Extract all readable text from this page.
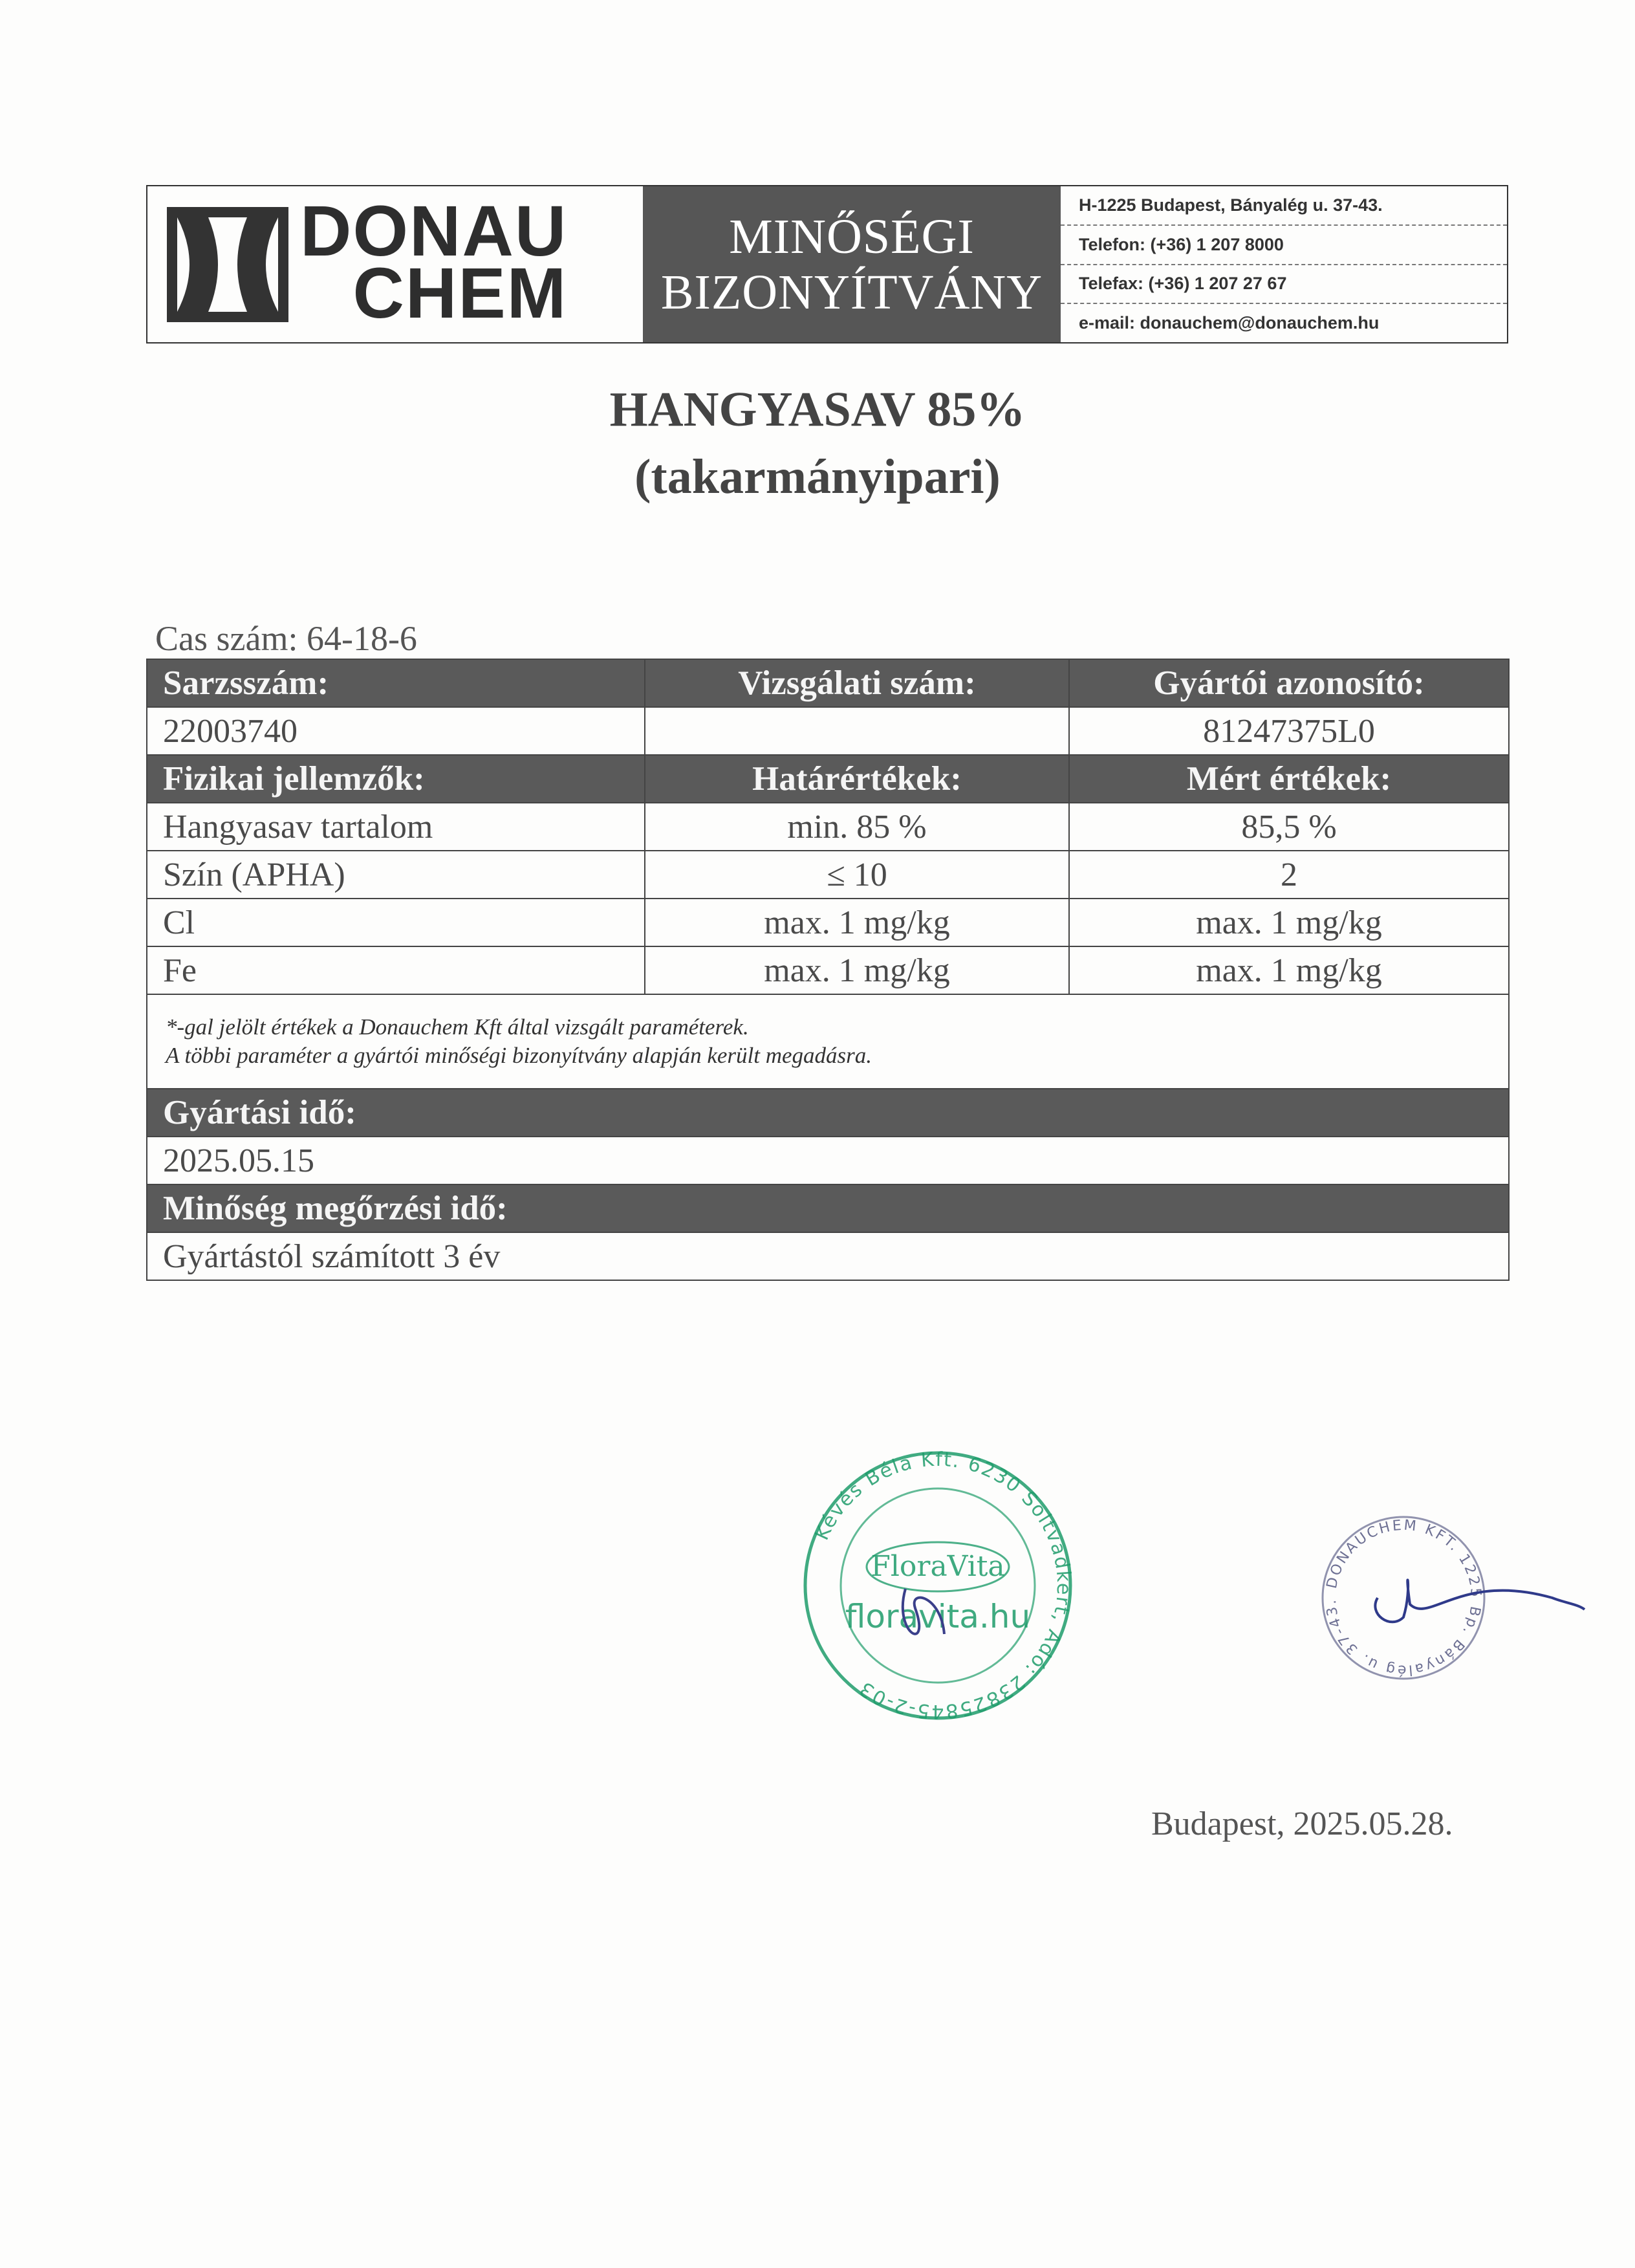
DONAU
CHEM
MINŐSÉGI
BIZONYÍTVÁNY
H-1225 Budapest, Bányalég u. 37-43.
Telefon: (+36) 1 207 8000
Telefax: (+36) 1 207 27 67
e-mail: donauchem@donauchem.hu
HANGYASAV 85%
(takarmányipari)
Cas szám: 64-18-6
Sarzsszám:	Vizsgálati szám:	Gyártói azonosító:
22003740		81247375L0
Fizikai jellemzők:	Határértékek:	Mért értékek:
Hangyasav tartalom	min. 85 %	85,5 %
Szín (APHA)	≤ 10	2
Cl	max. 1 mg/kg	max. 1 mg/kg
Fe	max. 1 mg/kg	max. 1 mg/kg

*-gal jelölt értékek a Donauchem Kft által vizsgált paraméterek.
A többi paraméter a gyártói minőségi bizonyítvány alapján került megadásra.		

Gyártási idő:		
2025.05.15		
Minőség megőrzési idő:		
Gyártástól számított 3 év		
Kévés Béla Kft. 6230 Soltvadkert, Adó: 23825845-2-03
FloraVita
floravita.hu
DONAUCHEM KFT. 1225 Bp. Bányalég u. 37-43.
Budapest, 2025.05.28.
